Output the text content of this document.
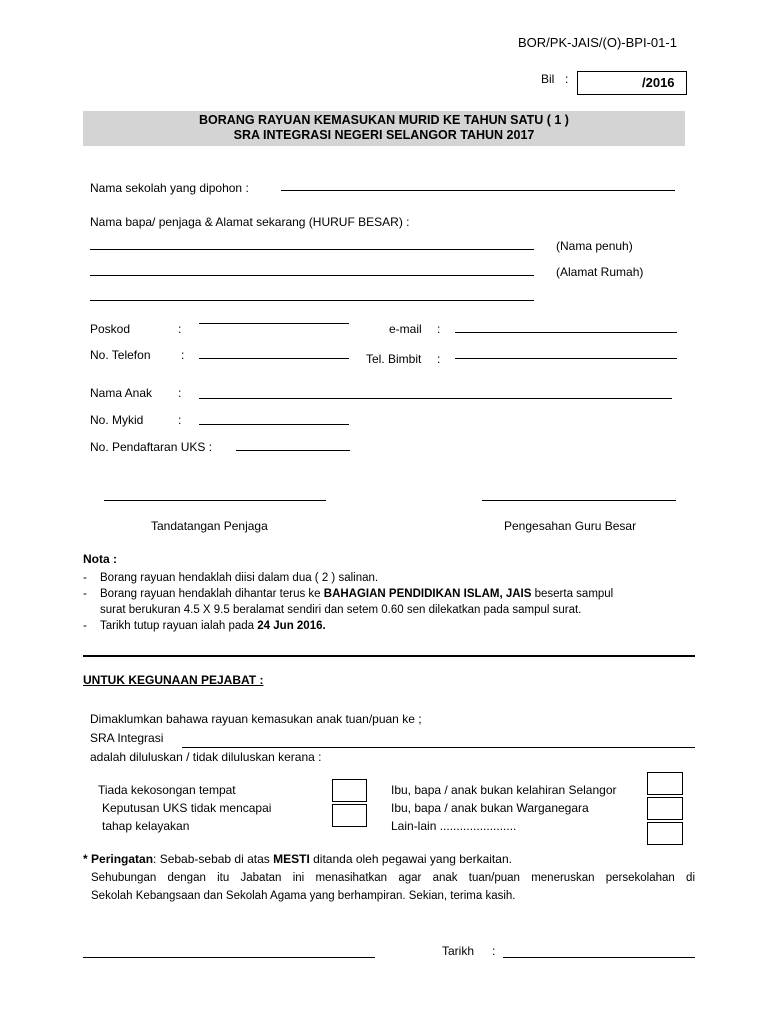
BOR/PK-JAIS/(O)-BPI-01-1
Bil :	/2016
BORANG RAYUAN KEMASUKAN MURID KE TAHUN SATU ( 1 )
SRA INTEGRASI NEGERI SELANGOR TAHUN 2017
Nama sekolah yang dipohon :
Nama bapa/ penjaga & Alamat sekarang (HURUF BESAR) :
(Nama penuh)
(Alamat Rumah)
Poskod	:	e-mail :
No. Telefon	:	Tel. Bimbit :
Nama Anak :
No. Mykid	:
No. Pendaftaran UKS :
Tandatangan Penjaga	Pengesahan Guru Besar
Nota :
- Borang rayuan hendaklah diisi dalam dua ( 2 ) salinan.
- Borang rayuan hendaklah dihantar terus ke BAHAGIAN PENDIDIKAN ISLAM, JAIS beserta sampul
surat berukuran 4.5 X 9.5 beralamat sendiri dan setem 0.60 sen dilekatkan pada sampul surat.
- Tarikh tutup rayuan ialah pada 24 Jun 2016.
UNTUK KEGUNAAN PEJABAT :
Dimaklumkan bahawa rayuan kemasukan anak tuan/puan ke ;
SRA Integrasi
adalah diluluskan / tidak diluluskan kerana :
Tiada kekosongan tempat
Keputusan UKS tidak mencapai
tahap kelayakan
Ibu, bapa / anak bukan kelahiran Selangor
Ibu, bapa / anak bukan Warganegara
Lain-lain .......................
* Peringatan: Sebab-sebab di atas MESTI ditanda oleh pegawai yang berkaitan.
Sehubungan dengan itu Jabatan ini menasihatkan agar anak tuan/puan meneruskan persekolahan di
Sekolah Kebangsaan dan Sekolah Agama yang berhampiran. Sekian, terima kasih.
Tarikh :
